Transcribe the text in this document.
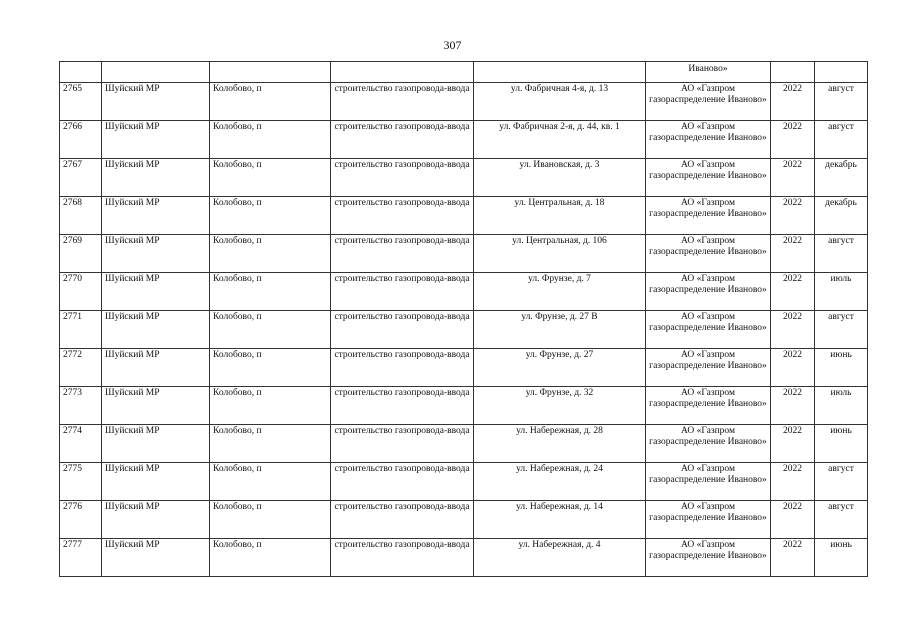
307
					Иваново»		
2765	Шуйский МР	Колобово, п	строительство газопровода-ввода	ул. Фабричная 4-я, д. 13	АО «Газпром газораспределение Иваново»	2022	август
2766	Шуйский МР	Колобово, п	строительство газопровода-ввода	ул. Фабричная 2-я, д. 44, кв. 1	АО «Газпром газораспределение Иваново»	2022	август
2767	Шуйский МР	Колобово, п	строительство газопровода-ввода	ул. Ивановская, д. 3	АО «Газпром газораспределение Иваново»	2022	декабрь
2768	Шуйский МР	Колобово, п	строительство газопровода-ввода	ул. Центральная, д. 18	АО «Газпром газораспределение Иваново»	2022	декабрь
2769	Шуйский МР	Колобово, п	строительство газопровода-ввода	ул. Центральная, д. 106	АО «Газпром газораспределение Иваново»	2022	август
2770	Шуйский МР	Колобово, п	строительство газопровода-ввода	ул. Фрунзе, д. 7	АО «Газпром газораспределение Иваново»	2022	июль
2771	Шуйский МР	Колобово, п	строительство газопровода-ввода	ул. Фрунзе, д. 27 В	АО «Газпром газораспределение Иваново»	2022	август
2772	Шуйский МР	Колобово, п	строительство газопровода-ввода	ул. Фрунзе, д. 27	АО «Газпром газораспределение Иваново»	2022	июнь
2773	Шуйский МР	Колобово, п	строительство газопровода-ввода	ул. Фрунзе, д. 32	АО «Газпром газораспределение Иваново»	2022	июль
2774	Шуйский МР	Колобово, п	строительство газопровода-ввода	ул. Набережная, д. 28	АО «Газпром газораспределение Иваново»	2022	июнь
2775	Шуйский МР	Колобово, п	строительство газопровода-ввода	ул. Набережная, д. 24	АО «Газпром газораспределение Иваново»	2022	август
2776	Шуйский МР	Колобово, п	строительство газопровода-ввода	ул. Набережная, д. 14	АО «Газпром газораспределение Иваново»	2022	август
2777	Шуйский МР	Колобово, п	строительство газопровода-ввода	ул. Набережная, д. 4	АО «Газпром газораспределение Иваново»	2022	июнь
